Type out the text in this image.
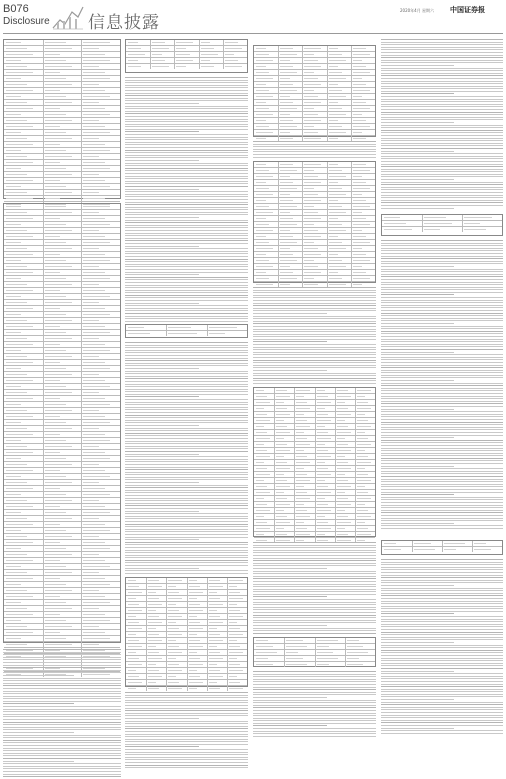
B076
Disclosure 信息披露
2020年4月 星期六 中国证券报
